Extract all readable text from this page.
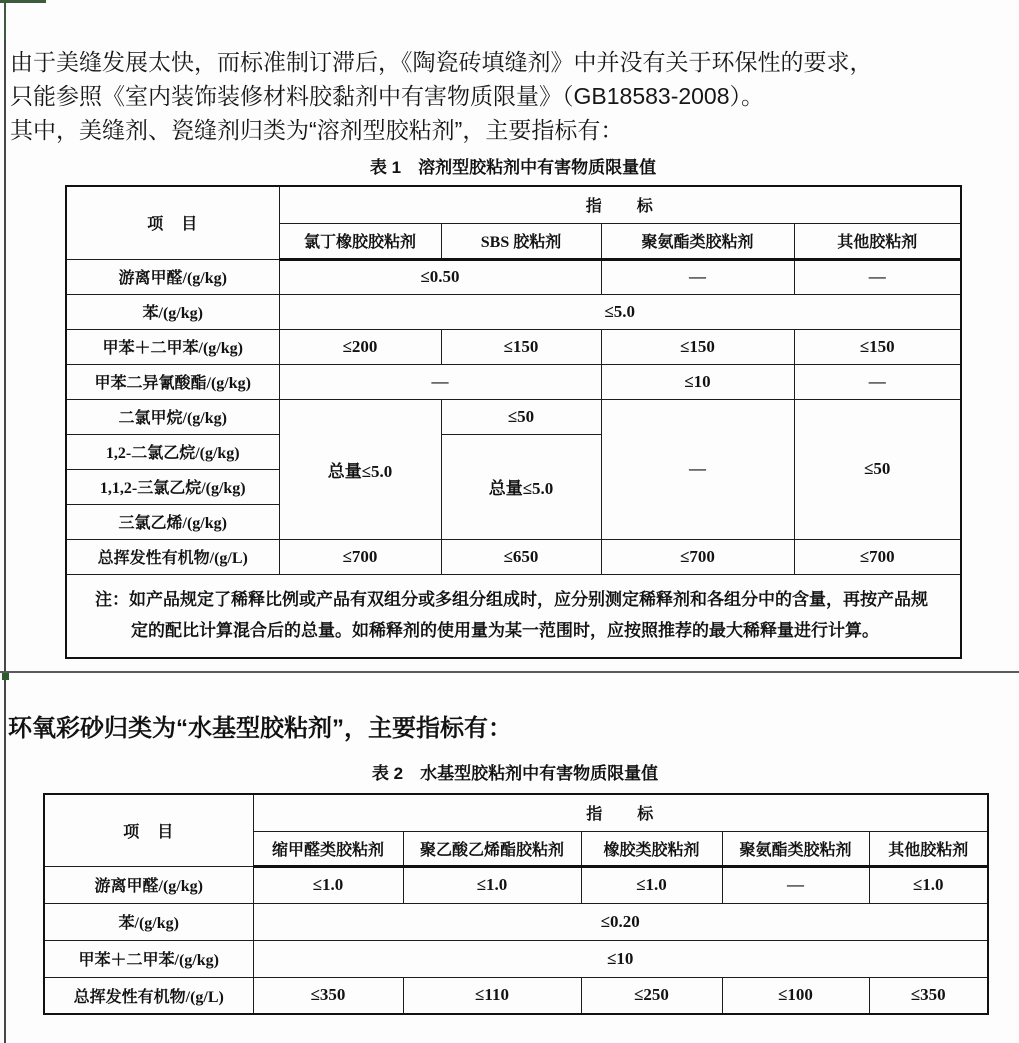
由于美缝发展太快，而标准制订滞后，《陶瓷砖填缝剂》中并没有关于环保性的要求，
只能参照《室内装饰装修材料胶黏剂中有害物质限量》（GB18583-2008）。
其中，美缝剂、瓷缝剂归类为“溶剂型胶粘剂”，主要指标有：
表 1　溶剂型胶粘剂中有害物质限量值
项　目	指　　标			
	氯丁橡胶胶粘剂	SBS 胶粘剂	聚氨酯类胶粘剂	其他胶粘剂
游离甲醛/(g/kg)	≤0.50		—	—
苯/(g/kg)	≤5.0			
甲苯＋二甲苯/(g/kg)	≤200	≤150	≤150	≤150
甲苯二异氰酸酯/(g/kg)	—		≤10	—
二氯甲烷/(g/kg)	总量≤5.0	≤50	—	≤50
1,2-二氯乙烷/(g/kg)		总量≤5.0		
1,1,2-三氯乙烷/(g/kg)				
三氯乙烯/(g/kg)				
总挥发性有机物/(g/L)	≤700	≤650	≤700	≤700

注：如产品规定了稀释比例或产品有双组分或多组分组成时，应分别测定稀释剂和各组分中的含量，再按产品规
定的配比计算混合后的总量。如稀释剂的使用量为某一范围时，应按照推荐的最大稀释量进行计算。				
环氧彩砂归类为“水基型胶粘剂”，主要指标有：
表 2　水基型胶粘剂中有害物质限量值
项　目	指　　标				
	缩甲醛类胶粘剂	聚乙酸乙烯酯胶粘剂	橡胶类胶粘剂	聚氨酯类胶粘剂	其他胶粘剂
游离甲醛/(g/kg)	≤1.0	≤1.0	≤1.0	—	≤1.0
苯/(g/kg)	≤0.20				
甲苯＋二甲苯/(g/kg)	≤10				
总挥发性有机物/(g/L)	≤350	≤110	≤250	≤100	≤350
